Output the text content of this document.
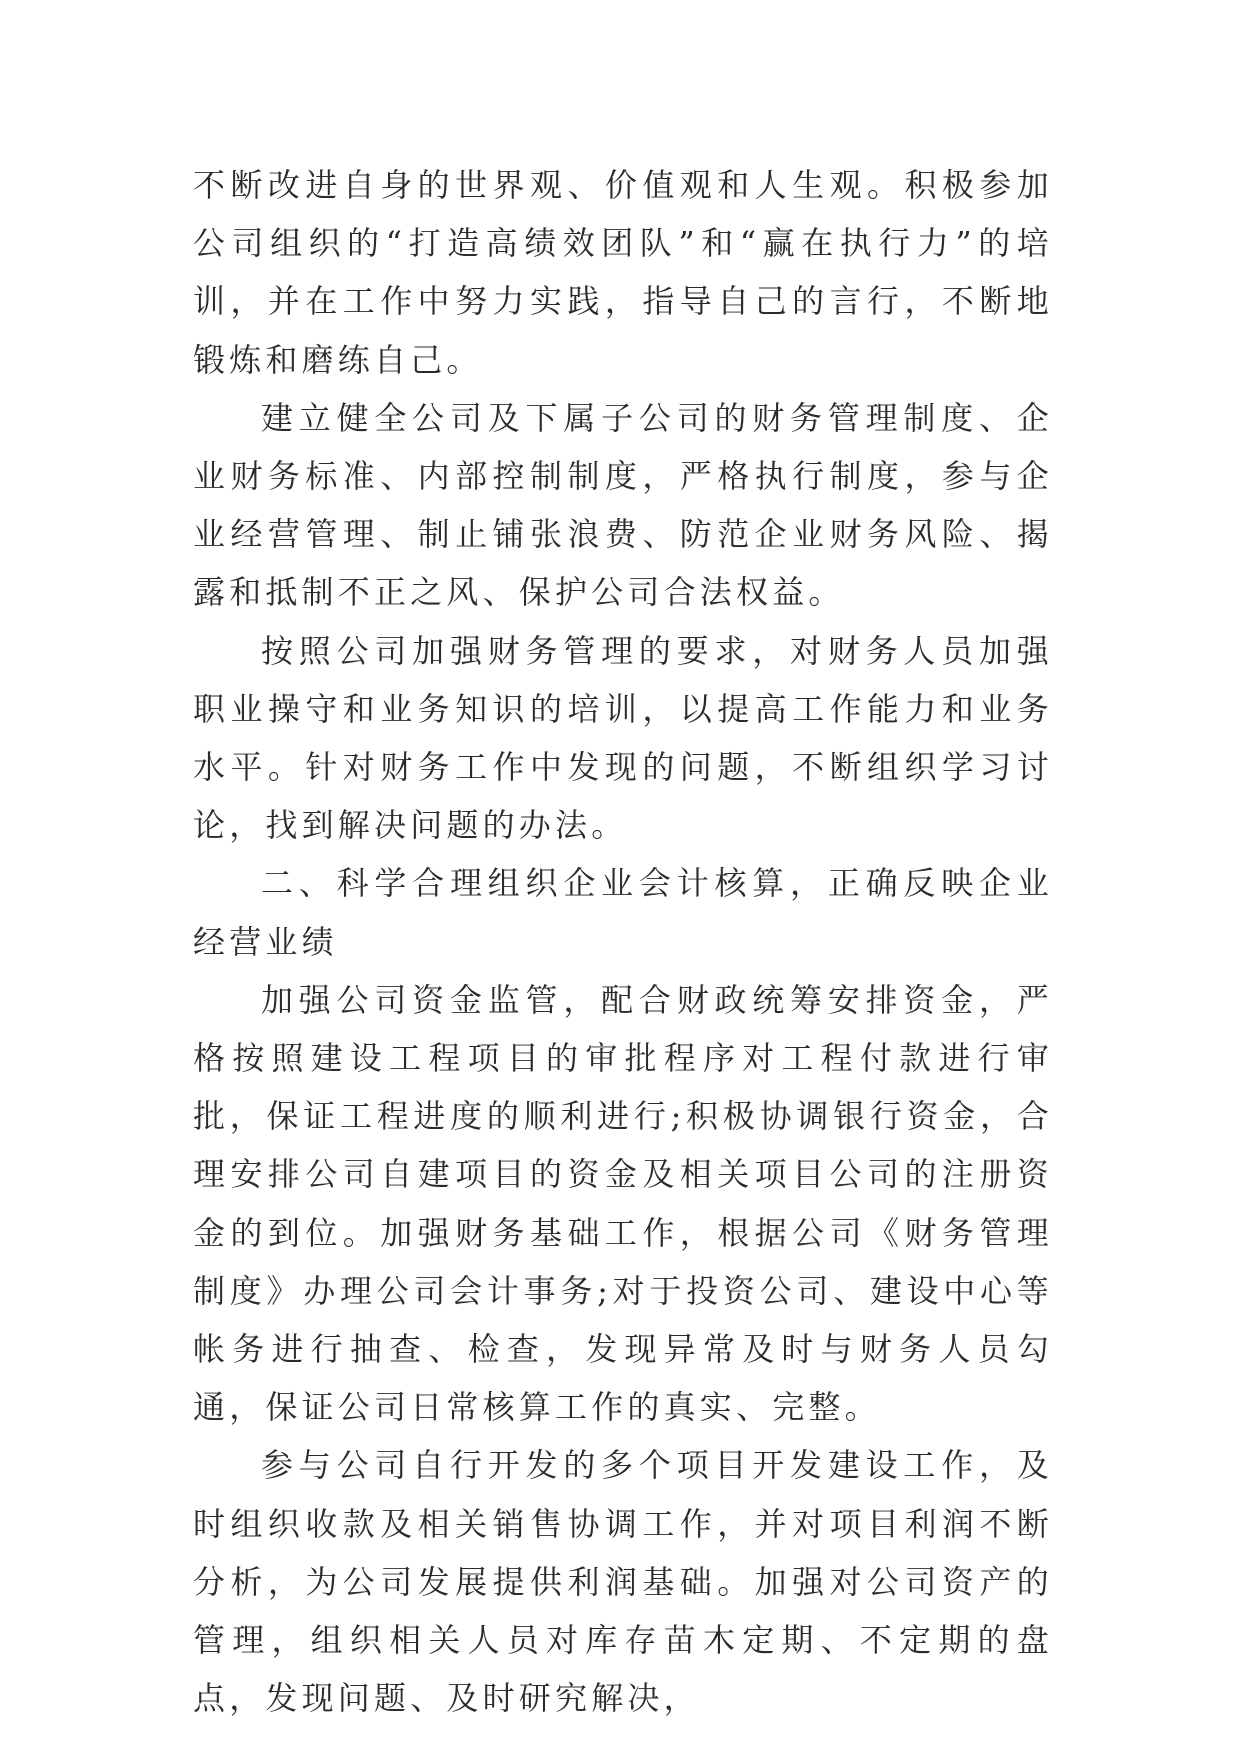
不断改进自身的世界观、价值观和人生观。积极参加公司组织的“打造高绩效团队”和“赢在执行力”的培训，并在工作中努力实践，指导自己的言行，不断地锻炼和磨练自己。

建立健全公司及下属子公司的财务管理制度、企业财务标准、内部控制制度，严格执行制度，参与企业经营管理、制止铺张浪费、防范企业财务风险、揭露和抵制不正之风、保护公司合法权益。

按照公司加强财务管理的要求，对财务人员加强职业操守和业务知识的培训，以提高工作能力和业务水平。针对财务工作中发现的问题，不断组织学习讨论，找到解决问题的办法。

二、科学合理组织企业会计核算，正确反映企业经营业绩

加强公司资金监管，配合财政统筹安排资金，严格按照建设工程项目的审批程序对工程付款进行审批，保证工程进度的顺利进行;积极协调银行资金，合理安排公司自建项目的资金及相关项目公司的注册资金的到位。加强财务基础工作，根据公司《财务管理制度》办理公司会计事务;对于投资公司、建设中心等帐务进行抽查、检查，发现异常及时与财务人员勾通，保证公司日常核算工作的真实、完整。

参与公司自行开发的多个项目开发建设工作，及时组织收款及相关销售协调工作，并对项目利润不断分析，为公司发展提供利润基础。加强对公司资产的管理，组织相关人员对库存苗木定期、不定期的盘点，发现问题、及时研究解决，
